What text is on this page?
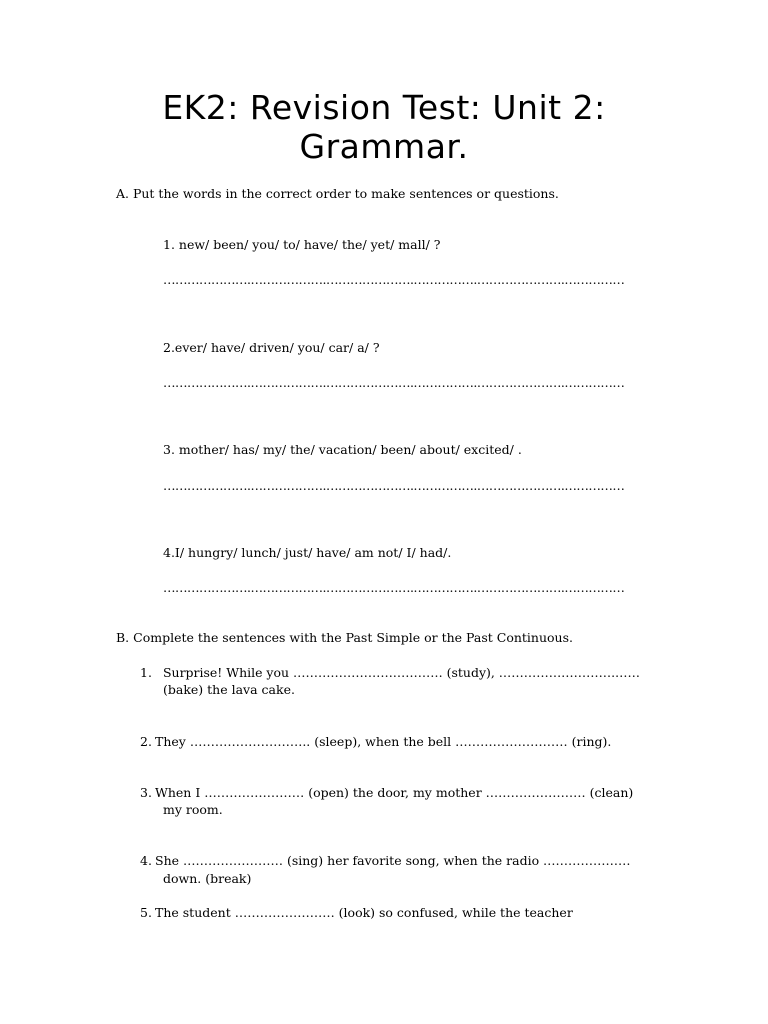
EK2: Revision Test: Unit 2:
Grammar.
A. Put the words in the correct order to make sentences or questions.
1. new/ been/ you/ to/ have/ the/ yet/ mall/ ?
………………….……………….………………….…………….………………….……………
2.ever/ have/ driven/ you/ car/ a/ ?
………………….……………….………………….…………….………………….……………
3. mother/ has/ my/ the/ vacation/ been/ about/ excited/ .
………………….……………….………………….…………….………………….……………
4.I/ hungry/ lunch/ just/ have/ am not/ I/ had/.
………………….……………….………………….…………….………………….……………
B. Complete the sentences with the Past Simple or the Past Continuous.
1. Surprise! While you ……………………………… (study), ……………………….……
(bake) the lava cake.
2. They ……………………….. (sleep), when the bell ……………………… (ring).
3. When I …………………… (open) the door, my mother …………………… (clean)
my room.
4. She …………………… (sing) her favorite song, when the radio …………………
down. (break)
5. The student …………………… (look) so confused, while the teacher
